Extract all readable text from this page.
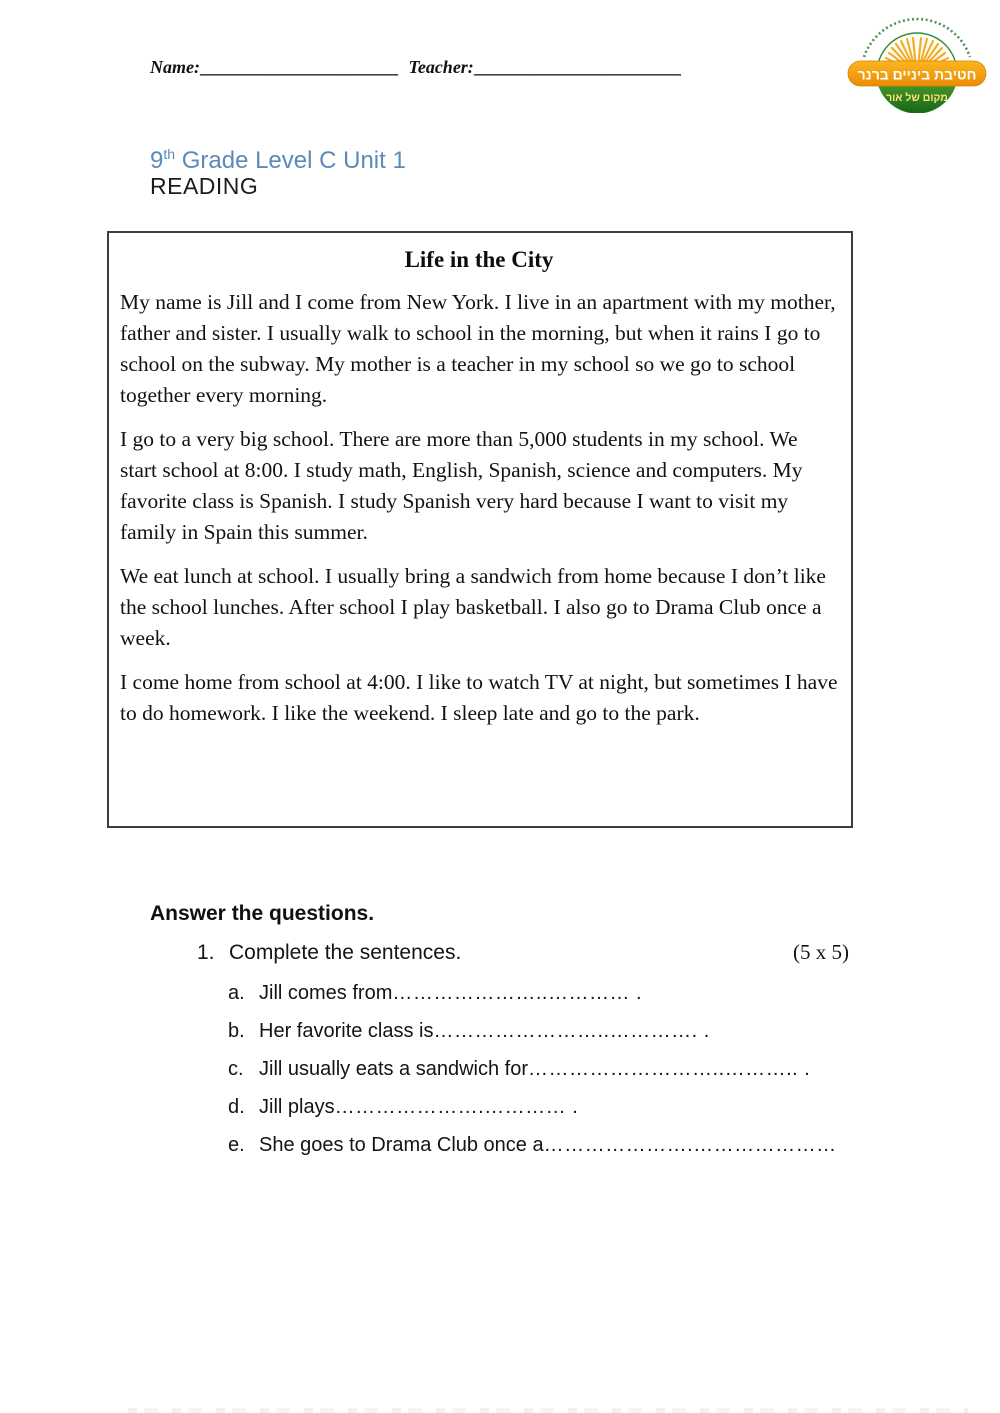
Name:______________________ Teacher:_______________________	חטיבת ביניים ברנר
מקום של אור
9th Grade Level C Unit 1
READING
Life in the City

My name is Jill and I come from New York. I live in an apartment with my mother, father and sister. I usually walk to school in the morning, but when it rains I go to school on the subway. My mother is a teacher in my school so we go to school together every morning.

I go to a very big school. There are more than 5,000 students in my school. We start school at 8:00. I study math, English, Spanish, science and computers. My favorite class is Spanish. I study Spanish very hard because I want to visit my family in Spain this summer.

We eat lunch at school. I usually bring a sandwich from home because I don’t like the school lunches. After school I play basketball. I also go to Drama Club once a week.

I come home from school at 4:00. I like to watch TV at night, but sometimes I have to do homework. I like the weekend. I sleep late and go to the park.

Answer the questions.
1. Complete the sentences.	(5 x 5)
a. Jill comes from …………………..………… .
b. Her favorite class is ……………………..…………. .
c. Jill usually eats a sandwich for ………………………..……….. .
d. Jill plays ………………….………… .
e. She goes to Drama Club once a ………………….…………………
